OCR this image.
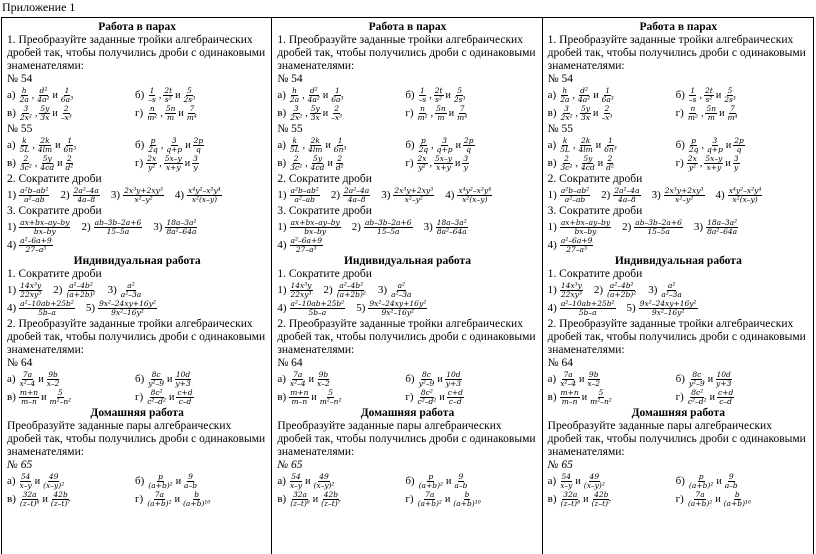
Приложение 1
Работа в парах
1. Преобразуйте заданные тройки алгебраических дробей так, чтобы получились дроби с одинаковыми знаменателями:
№ 54
$а) \frac{h}{2a}$ , $\frac{\text{d²}}{\text{4a²}}$ и $\frac{1}{\text{6a³}}$	$б) \frac{1}{-s}$ , $\frac{2t}{\text{s²}}$ и $\frac{5}{\text{2s³}}$
$в) \frac{3}{\text{2x²}}$ , $\frac{5y}{3x}$ и $\frac{2}{\text{–x³}}$	$г) \frac{n}{\text{m²}}$ , $\frac{5n}{m}$ и $\frac{7}{\text{m⁴}}$
№ 55
$а) \frac{k}{5L}$ , $\frac{2k}{4lm}$ и $\frac{1}{\text{6n³}}$	$б) \frac{p}{2q}$ , $\frac{3}{q+p}$ и $\frac{2p}{q}$
$в) \frac{2}{\text{3c²}}$ , $\frac{5y}{4cd}$ и $\frac{2}{\text{d²}}$	$г) \frac{2x}{\text{y²}}$ , $\frac{5x-y}{x+y}$ и $\frac{3}{y}$
2. Сократите дроби
$1) \frac{\text{a²b–ab²}}{\text{a²–ab}} 2) \frac{\text{2a²–4a}}{4a-8} 3) \frac{\text{2x³y+2xy³}}{\text{x²–y²}} 4) \frac{\text{x⁴y²–x²y⁴}}{\text{x²(x–y)}}$
3. Сократите дроби
$1) \frac{ax+bx-ay-by}{bx-by} 2) \frac{ab-3b-2a+6}{15-5a} 3) \frac{\text{18a–3a²}}{\text{8a²–64a}}$
$4) \frac{\text{a²–6a+9}}{\text{27–a³}}$
Индивидуальная работа
1. Сократите дроби
$1) \frac{\text{14x³y}}{\text{22xy³}} 2) \frac{\text{a²–4b²}}{\text{(a+2b)²}} 3) \frac{\text{a²}}{\text{a²–3a}}$
$4) \frac{\text{a²–10ab+25b²}}{5b-a} 5) \frac{\text{9x²–24xy+16y²}}{\text{9x²–16y²}}$
2. Преобразуйте заданные тройки алгебраических дробей так, чтобы получились дроби с одинаковыми знаменателями:
№ 64
$а) \frac{7a}{\text{x²–4}}$ и $\frac{9b}{x-2}$	$б) \frac{8c}{\text{y²–9}}$ и $\frac{10d}{y+3}$
$в) \frac{m+n}{m-n}$ и $\frac{5}{\text{m²–n²}}$	$г) \frac{\text{8c²}}{\text{c²–d²}}$ и $\frac{c+d}{c-d}$
Домашняя работа
Преобразуйте заданные пары алгебраических дробей так, чтобы получились дроби с одинаковыми знаменателями:
№ 65
$а) \frac{54}{x-y}$ и $\frac{49}{\text{(x–y)²}}$	$б) \frac{p}{\text{(a+b)²}}$ и $\frac{9}{a-b}$
$в) \frac{32a}{\text{(z–t)⁸}}$ и $\frac{42b}{\text{(z–t)⁷}}$	$г) \frac{7a}{\text{(a+b)²}}$ и $\frac{b}{\text{(a+b)¹⁰}}$
Работа в парах
1. Преобразуйте заданные тройки алгебраических дробей так, чтобы получились дроби с одинаковыми знаменателями:
№ 54
$а) \frac{h}{2a}$ , $\frac{\text{d²}}{\text{4a²}}$ и $\frac{1}{\text{6a³}}$	$б) \frac{1}{-s}$ , $\frac{2t}{\text{s²}}$ и $\frac{5}{\text{2s³}}$
$в) \frac{3}{\text{2x²}}$ , $\frac{5y}{3x}$ и $\frac{2}{\text{–x³}}$	$г) \frac{n}{\text{m²}}$ , $\frac{5n}{m}$ и $\frac{7}{\text{m⁴}}$
№ 55
$а) \frac{k}{5L}$ , $\frac{2k}{4lm}$ и $\frac{1}{\text{6n³}}$	$б) \frac{p}{2q}$ , $\frac{3}{q+p}$ и $\frac{2p}{q}$
$в) \frac{2}{\text{3c²}}$ , $\frac{5y}{4cd}$ и $\frac{2}{\text{d²}}$	$г) \frac{2x}{\text{y²}}$ , $\frac{5x-y}{x+y}$ и $\frac{3}{y}$
2. Сократите дроби
$1) \frac{\text{a²b–ab²}}{\text{a²–ab}} 2) \frac{\text{2a²–4a}}{4a-8} 3) \frac{\text{2x³y+2xy³}}{\text{x²–y²}} 4) \frac{\text{x⁴y²–x²y⁴}}{\text{x²(x–y)}}$
3. Сократите дроби
$1) \frac{ax+bx-ay-by}{bx-by} 2) \frac{ab-3b-2a+6}{15-5a} 3) \frac{\text{18a–3a²}}{\text{8a²–64a}}$
$4) \frac{\text{a²–6a+9}}{\text{27–a³}}$
Индивидуальная работа
1. Сократите дроби
$1) \frac{\text{14x³y}}{\text{22xy³}} 2) \frac{\text{a²–4b²}}{\text{(a+2b)²}} 3) \frac{\text{a²}}{\text{a²–3a}}$
$4) \frac{\text{a²–10ab+25b²}}{5b-a} 5) \frac{\text{9x²–24xy+16y²}}{\text{9x²–16y²}}$
2. Преобразуйте заданные тройки алгебраических дробей так, чтобы получились дроби с одинаковыми знаменателями:
№ 64
$а) \frac{7a}{\text{x²–4}}$ и $\frac{9b}{x-2}$	$б) \frac{8c}{\text{y²–9}}$ и $\frac{10d}{y+3}$
$в) \frac{m+n}{m-n}$ и $\frac{5}{\text{m²–n²}}$	$г) \frac{\text{8c²}}{\text{c²–d²}}$ и $\frac{c+d}{c-d}$
Домашняя работа
Преобразуйте заданные пары алгебраических дробей так, чтобы получились дроби с одинаковыми знаменателями:
№ 65
$а) \frac{54}{x-y}$ и $\frac{49}{\text{(x–y)²}}$	$б) \frac{p}{\text{(a+b)²}}$ и $\frac{9}{a-b}$
$в) \frac{32a}{\text{(z–t)⁸}}$ и $\frac{42b}{\text{(z–t)⁷}}$	$г) \frac{7a}{\text{(a+b)²}}$ и $\frac{b}{\text{(a+b)¹⁰}}$
Работа в парах
1. Преобразуйте заданные тройки алгебраических дробей так, чтобы получились дроби с одинаковыми знаменателями:
№ 54
$а) \frac{h}{2a}$ , $\frac{\text{d²}}{\text{4a²}}$ и $\frac{1}{\text{6a³}}$	$б) \frac{1}{-s}$ , $\frac{2t}{\text{s²}}$ и $\frac{5}{\text{2s³}}$
$в) \frac{3}{\text{2x²}}$ , $\frac{5y}{3x}$ и $\frac{2}{\text{–x³}}$	$г) \frac{n}{\text{m²}}$ , $\frac{5n}{m}$ и $\frac{7}{\text{m⁴}}$
№ 55
$а) \frac{k}{5L}$ , $\frac{2k}{4lm}$ и $\frac{1}{\text{6n³}}$	$б) \frac{p}{2q}$ , $\frac{3}{q+p}$ и $\frac{2p}{q}$
$в) \frac{2}{\text{3c²}}$ , $\frac{5y}{4cd}$ и $\frac{2}{\text{d²}}$	$г) \frac{2x}{\text{y²}}$ , $\frac{5x-y}{x+y}$ и $\frac{3}{y}$
2. Сократите дроби
$1) \frac{\text{a²b–ab²}}{\text{a²–ab}} 2) \frac{\text{2a²–4a}}{4a-8} 3) \frac{\text{2x³y+2xy³}}{\text{x²–y²}} 4) \frac{\text{x⁴y²–x²y⁴}}{\text{x²(x–y)}}$
3. Сократите дроби
$1) \frac{ax+bx-ay-by}{bx-by} 2) \frac{ab-3b-2a+6}{15-5a} 3) \frac{\text{18a–3a²}}{\text{8a²–64a}}$
$4) \frac{\text{a²–6a+9}}{\text{27–a³}}$
Индивидуальная работа
1. Сократите дроби
$1) \frac{\text{14x³y}}{\text{22xy³}} 2) \frac{\text{a²–4b²}}{\text{(a+2b)²}} 3) \frac{\text{a²}}{\text{a²–3a}}$
$4) \frac{\text{a²–10ab+25b²}}{5b-a} 5) \frac{\text{9x²–24xy+16y²}}{\text{9x²–16y²}}$
2. Преобразуйте заданные тройки алгебраических дробей так, чтобы получились дроби с одинаковыми знаменателями:
№ 64
$а) \frac{7a}{\text{x²–4}}$ и $\frac{9b}{x-2}$	$б) \frac{8c}{\text{y²–9}}$ и $\frac{10d}{y+3}$
$в) \frac{m+n}{m-n}$ и $\frac{5}{\text{m²–n²}}$	$г) \frac{\text{8c²}}{\text{c²–d²}}$ и $\frac{c+d}{c-d}$
Домашняя работа
Преобразуйте заданные пары алгебраических дробей так, чтобы получились дроби с одинаковыми знаменателями:
№ 65
$а) \frac{54}{x-y}$ и $\frac{49}{\text{(x–y)²}}$	$б) \frac{p}{\text{(a+b)²}}$ и $\frac{9}{a-b}$
$в) \frac{32a}{\text{(z–t)⁸}}$ и $\frac{42b}{\text{(z–t)⁷}}$	$г) \frac{7a}{\text{(a+b)²}}$ и $\frac{b}{\text{(a+b)¹⁰}}$
